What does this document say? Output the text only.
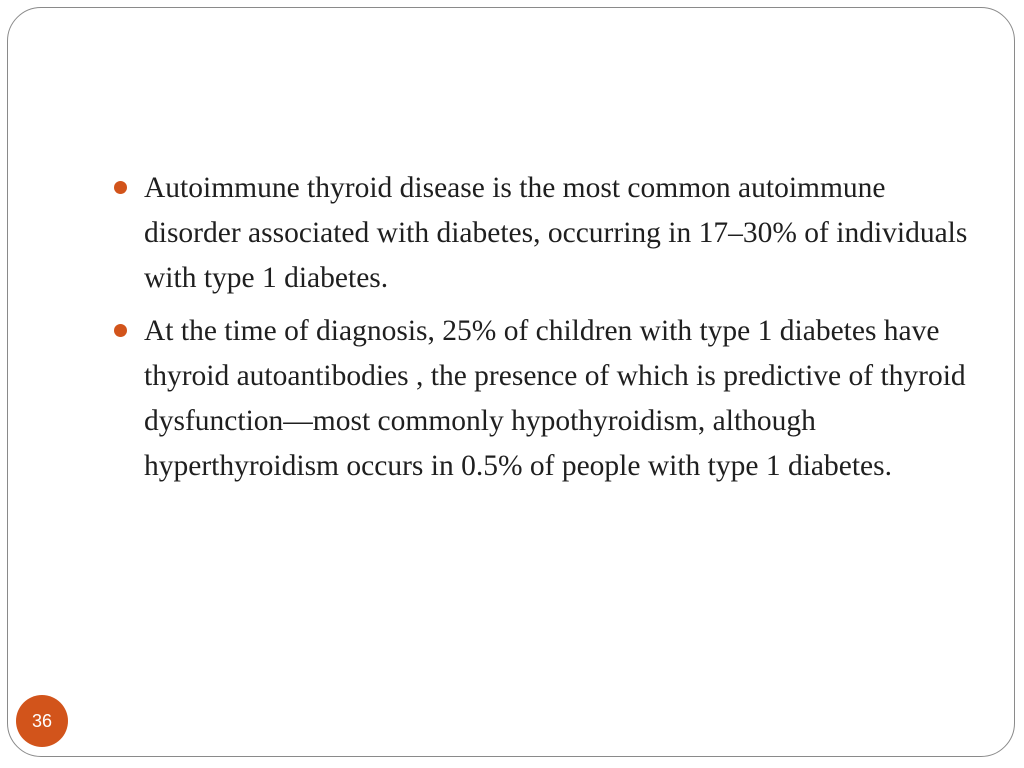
Autoimmune thyroid disease is the most common autoimmune disorder associated with diabetes, occurring in 17–30% of individuals with type 1 diabetes.
At the time of diagnosis, 25% of children with type 1 diabetes have thyroid autoantibodies , the presence of which is predictive of thyroid dysfunction—most commonly hypothyroidism, although hyperthyroidism occurs in 0.5% of people with type 1 diabetes.
36
